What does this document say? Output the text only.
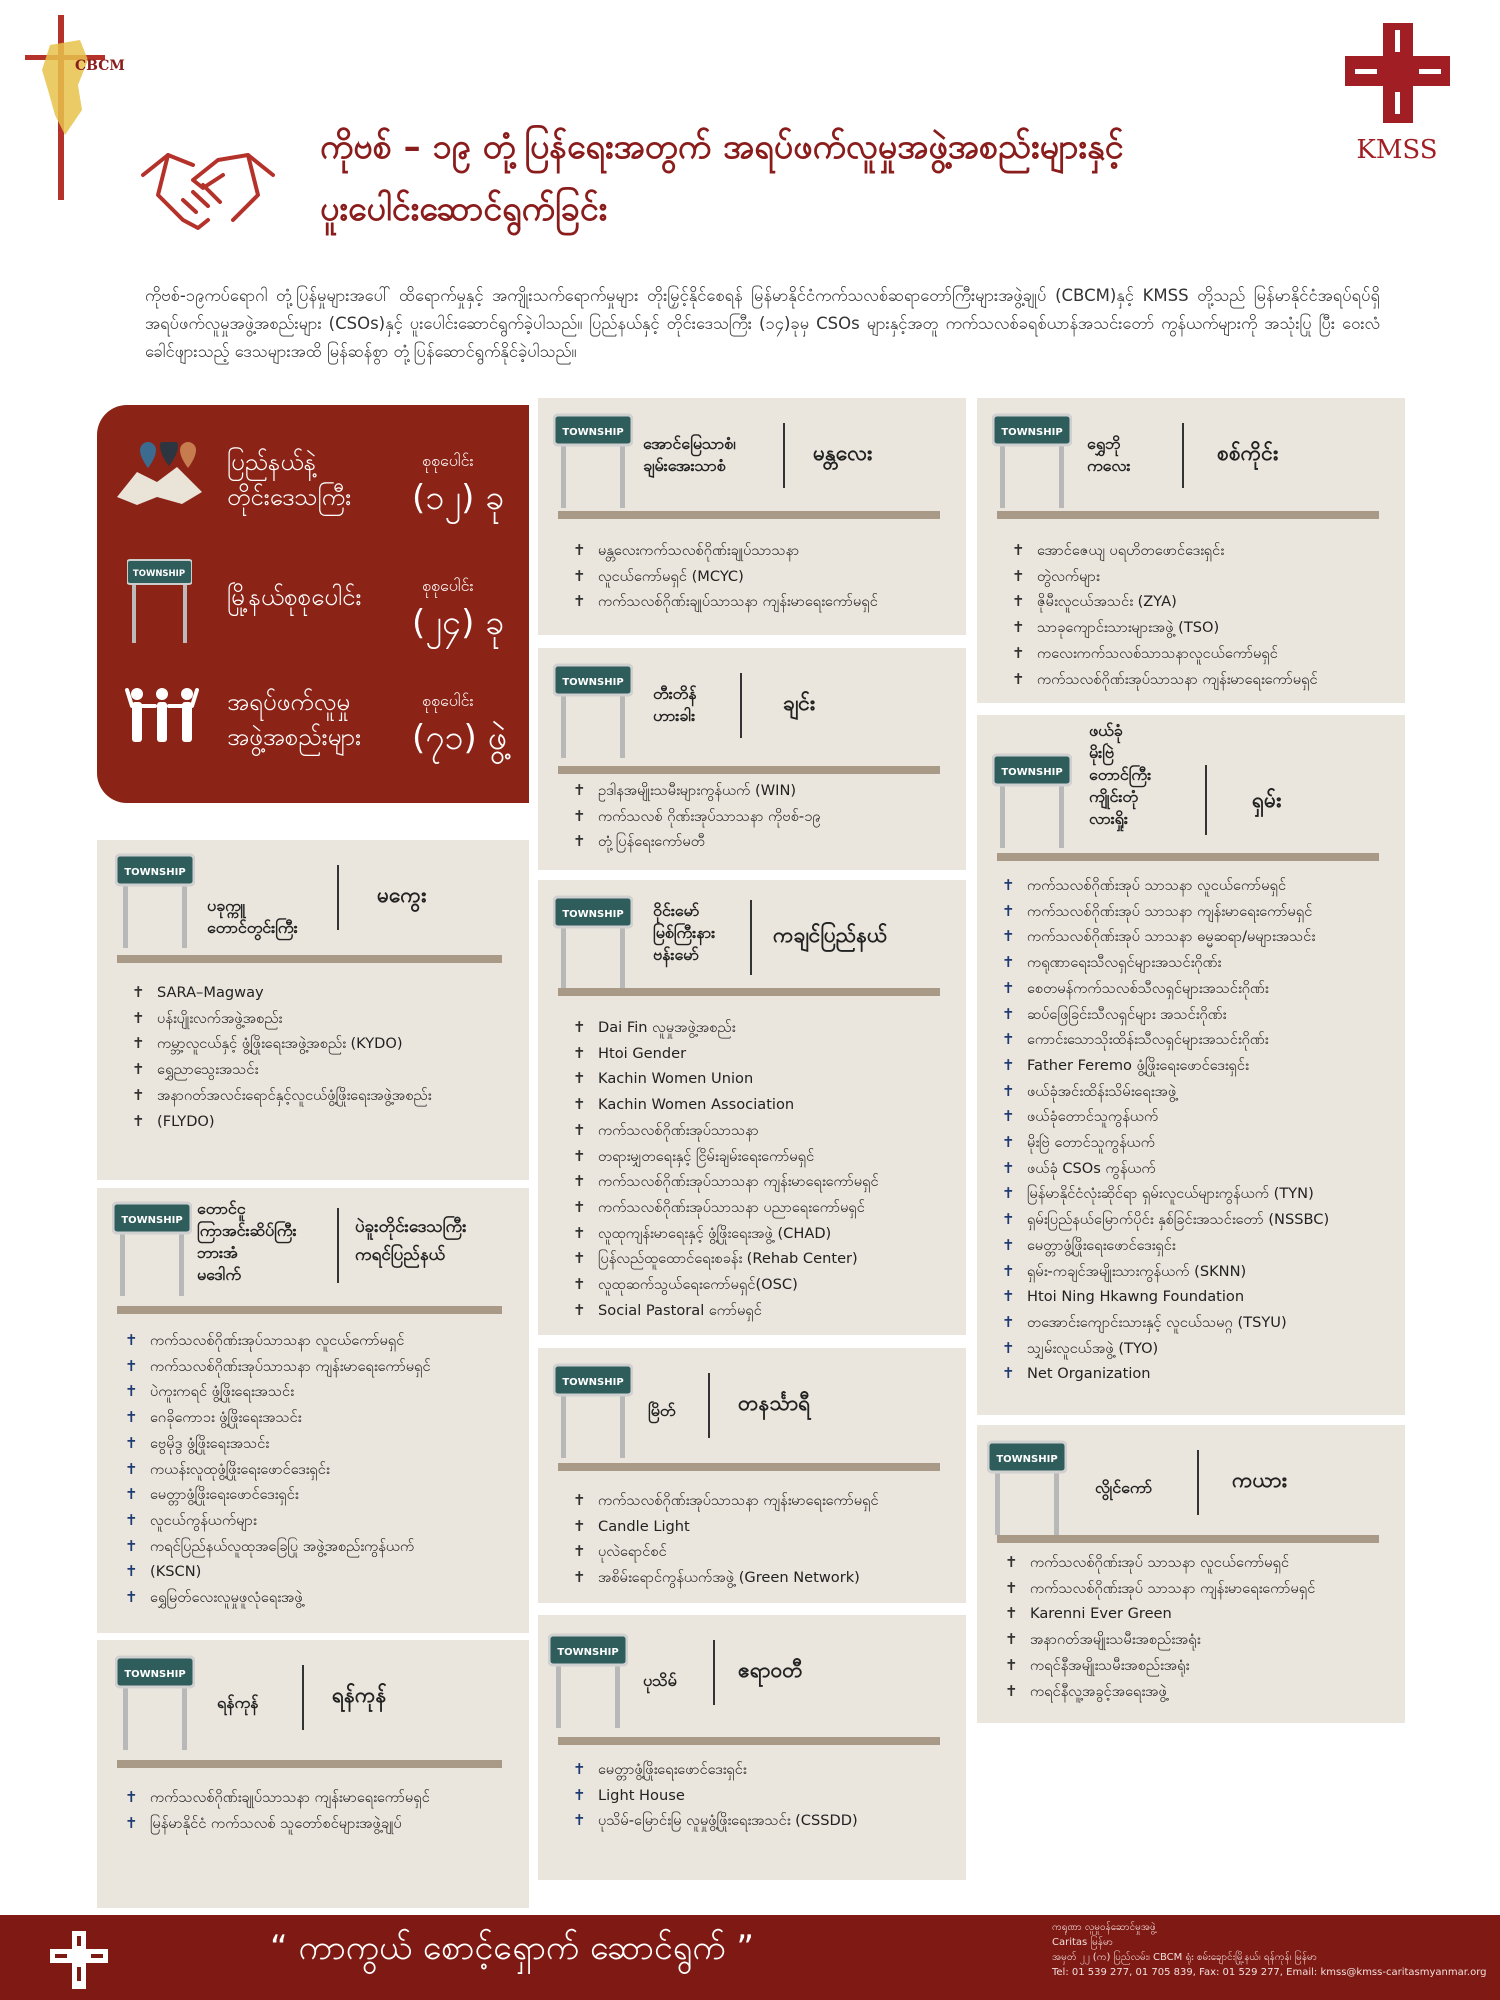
CBCM
KMSS
ကိုဗစ် – ၁၉ တုံ့ပြန်ရေးအတွက် အရပ်ဖက်လူမှုအဖွဲ့အစည်းများနှင့်
ပူးပေါင်းဆောင်ရွက်ခြင်း
ကိုဗစ်-၁၉ကပ်ရောဂါ တုံ့ပြန်မှုများအပေါ် ထိရောက်မှုနှင့် အကျိုးသက်ရောက်မှုများ တိုးမြှင့်နိုင်စေရန် မြန်မာနိုင်ငံကက်သလစ်ဆရာတော်ကြီးများအဖွဲ့ချုပ် (CBCM)နှင့် KMSS တို့သည် မြန်မာနိုင်ငံအရပ်ရပ်ရှိ အရပ်ဖက်လူမှုအဖွဲ့အစည်းများ (CSOs)နှင့် ပူးပေါင်းဆောင်ရွက်ခဲ့ပါသည်။ ပြည်နယ်နှင့် တိုင်းဒေသကြီး (၁၄)ခုမှ CSOs များနှင့်အတူ ကက်သလစ်ခရစ်ယာန်အသင်းတော် ကွန်ယက်များကို အသုံးပြု ပြီး ဝေးလံခေါင်ဖျားသည့် ဒေသများအထိ မြန်ဆန်စွာ တုံ့ပြန်ဆောင်ရွက်နိုင်ခဲ့ပါသည်။
ပြည်နယ်နဲ့
တိုင်းဒေသကြီး
စုစုပေါင်း
(၁၂) ခု
TOWNSHIP
မြို့နယ်စုစုပေါင်း	စုစုပေါင်း
(၂၄) ခု
အရပ်ဖက်လူမှု
အဖွဲ့အစည်းများ
စုစုပေါင်း
(၇၁) ဖွဲ့
TOWNSHIP
ပခုက္ကူ
တောင်တွင်းကြီး
မကွေး
✝ SARA–Magway
✝ ပန်းပျိုးလက်အဖွဲ့အစည်း
✝ ကမ္ဘာ့လူငယ်နှင့် ဖွံ့ဖြိုးရေးအဖွဲ့အစည်း (KYDO)
✝ ရွှေညာသွေးအသင်း
✝ အနာဂတ်အလင်းရောင်နှင့်လူငယ်ဖွံ့ဖြိုးရေးအဖွဲ့အစည်း
✝ (FLYDO)
TOWNSHIP
တောင်ငူ
ကြာအင်းဆိပ်ကြီး
ဘားအံ
မဒေါက်
ပဲခူးတိုင်းဒေသကြီး
ကရင်ပြည်နယ်
✝ ကက်သလစ်ဂိုဏ်းအုပ်သာသနာ လူငယ်ကော်မရှင်
✝ ကက်သလစ်ဂိုဏ်းအုပ်သာသနာ ကျန်းမာရေးကော်မရှင်
✝ ပဲကူးကရင် ဖွံ့ဖြိုးရေးအသင်း
✝ ဂေခိုကော၁း ဖွံ့ဖြိုးရေးအသင်း
✝ ဗွေမိုဒွ ဖွံ့ဖြိုးရေးအသင်း
✝ ကယန်းလူထုဖွံ့ဖြိုးရေးဖောင်ဒေးရှင်း
✝ မေတ္တာဖွံ့ဖြိုးရေးဖောင်ဒေးရှင်း
✝ လူငယ်ကွန်ယက်များ
✝ ကရင်ပြည်နယ်လူထုအခြေပြု အဖွဲ့အစည်းကွန်ယက်
✝ (KSCN)
✝ ရွှေမြတ်လေးလူမှုဖူလုံရေးအဖွဲ့
TOWNSHIP
ရန်ကုန်	ရန်ကုန်
✝ ကက်သလစ်ဂိုဏ်းချုပ်သာသနာ ကျန်းမာရေးကော်မရှင်
✝ မြန်မာနိုင်ငံ ကက်သလစ် သူတော်စင်များအဖွဲ့ချုပ်
TOWNSHIP
အောင်မြေသာစံ၊
ချမ်းအေးသာစံ
မန္တလေး
✝ မန္တလေးကက်သလစ်ဂိုဏ်းချုပ်သာသနာ
✝ လူငယ်ကော်မရှင် (MCYC)
✝ ကက်သလစ်ဂိုဏ်းချုပ်သာသနာ ကျန်းမာရေးကော်မရှင်
TOWNSHIP
တီးတိန်
ဟားခါး
ချင်း
✝ ဥဒါနအမျိုးသမီးများကွန်ယက် (WIN)
✝ ကက်သလစ် ဂိုဏ်းအုပ်သာသနာ ကိုဗစ်-၁၉
✝ တုံ့ပြန်ရေးကော်မတီ
TOWNSHIP ဝိုင်းမော်
မြစ်ကြီးနား
ဗန်းမော်
ကချင်ပြည်နယ်
✝ Dai Fin လူမှုအဖွဲ့အစည်း
✝ Htoi Gender
✝ Kachin Women Union
✝ Kachin Women Association
✝ ကက်သလစ်ဂိုဏ်းအုပ်သာသနာ
✝ တရားမျှတရေးနှင့် ငြိမ်းချမ်းရေးကော်မရှင်
✝ ကက်သလစ်ဂိုဏ်းအုပ်သာသနာ ကျန်းမာရေးကော်မရှင်
✝ ကက်သလစ်ဂိုဏ်းအုပ်သာသနာ ပညာရေးကော်မရှင်
✝ လူထုကျန်းမာရေးနှင့် ဖွံ့ဖြိုးရေးအဖွဲ့ (CHAD)
✝ ပြန်လည်ထူထောင်ရေးစခန်း (Rehab Center)
✝ လူထုဆက်သွယ်ရေးကော်မရှင်(OSC)
✝ Social Pastoral ကော်မရှင်
TOWNSHIP
မြိတ်	တနင်္သာရီ
✝ ကက်သလစ်ဂိုဏ်းအုပ်သာသနာ ကျန်းမာရေးကော်မရှင်
✝ Candle Light
✝ ပုလဲရောင်စင်
✝ အစိမ်းရောင်ကွန်ယက်အဖွဲ့ (Green Network)
TOWNSHIP
ပုသိမ်	ဧရာဝတီ
✝ မေတ္တာဖွံ့ဖြိုးရေးဖောင်ဒေးရှင်း
✝ Light House
✝ ပုသိမ်-မြောင်းမြ လူမှုဖွံ့ဖြိုးရေးအသင်း (CSSDD)
TOWNSHIP
ရွှေဘို
ကလေး
စစ်ကိုင်း
✝ အောင်ဇေယျ ပရဟိတဖောင်ဒေးရှင်း
✝ တွဲလက်များ
✝ ဇိုမီးလူငယ်အသင်း (ZYA)
✝ သာခုကျောင်းသားများအဖွဲ့ (TSO)
✝ ကလေးကက်သလစ်သာသနာလူငယ်ကော်မရှင်
✝ ကက်သလစ်ဂိုဏ်းအုပ်သာသနာ ကျန်းမာရေးကော်မရှင်
TOWNSHIP
ဖယ်ခုံ
မိုးဗြဲ
တောင်ကြီး
ကျိုင်းတုံ
လားရှိုး
ရှမ်း
✝ ကက်သလစ်ဂိုဏ်းအုပ် သာသနာ လူငယ်ကော်မရှင်
✝ ကက်သလစ်ဂိုဏ်းအုပ် သာသနာ ကျန်းမာရေးကော်မရှင်
✝ ကက်သလစ်ဂိုဏ်းအုပ် သာသနာ ဓမ္မဆရာ/မများအသင်း
✝ ကရုဏာရေးသီလရှင်များအသင်းဂိုဏ်း
✝ စေတမန်ကက်သလစ်သီလရှင်များအသင်းဂိုဏ်း
✝ ဆပ်ဖြေခြင်းသီလရှင်များ အသင်းဂိုဏ်း
✝ ကောင်းသောသိုးထိန်းသီလရှင်များအသင်းဂိုဏ်း
✝ Father Feremo ဖွံ့ဖြိုးရေးဖောင်ဒေးရှင်း
✝ ဖယ်ခုံအင်းထိန်းသိမ်းရေးအဖွဲ့
✝ ဖယ်ခုံတောင်သူကွန်ယက်
✝ မိုးဗြဲ တောင်သူကွန်ယက်
✝ ဖယ်ခုံ CSOs ကွန်ယက်
✝ မြန်မာနိုင်ငံလုံးဆိုင်ရာ ရှမ်းလူငယ်များကွန်ယက် (TYN)
✝ ရှမ်းပြည်နယ်မြောက်ပိုင်း နှစ်ခြင်းအသင်းတော် (NSSBC)
✝ မေတ္တာဖွံ့ဖြိုးရေးဖောင်ဒေးရှင်း
✝ ရှမ်း-ကချင်အမျိုးသားကွန်ယက် (SKNN)
✝ Htoi Ning Hkawng Foundation
✝ တအောင်းကျောင်းသားနှင့် လူငယ်သမဂ္ဂ (TSYU)
✝ သျှမ်းလူငယ်အဖွဲ့ (TYO)
✝ Net Organization
TOWNSHIP
လွိုင်ကော်	ကယား
✝ ကက်သလစ်ဂိုဏ်းအုပ် သာသနာ လူငယ်ကော်မရှင်
✝ ကက်သလစ်ဂိုဏ်းအုပ် သာသနာ ကျန်းမာရေးကော်မရှင်
✝ Karenni Ever Green
✝ အနာဂတ်အမျိုးသမီးအစည်းအရုံး
✝ ကရင်နီအမျိုးသမီးအစည်းအရုံး
✝ ကရင်နီလူ့အခွင့်အရေးအဖွဲ့
“ ကာကွယ် စောင့်ရှောက် ဆောင်ရွက် ”
ကရုဏာ လူမှုဝန်ဆောင်မှုအဖွဲ့
Caritas မြန်မာ
အမှတ် ၂၂ (က) ပြည်လမ်း၊ CBCM ရုံး စမ်းချောင်းမြို့နယ်၊ ရန်ကုန်၊ မြန်မာ
Tel: 01 539 277, 01 705 839, Fax: 01 529 277, Email: kmss@kmss-caritasmyanmar.org
